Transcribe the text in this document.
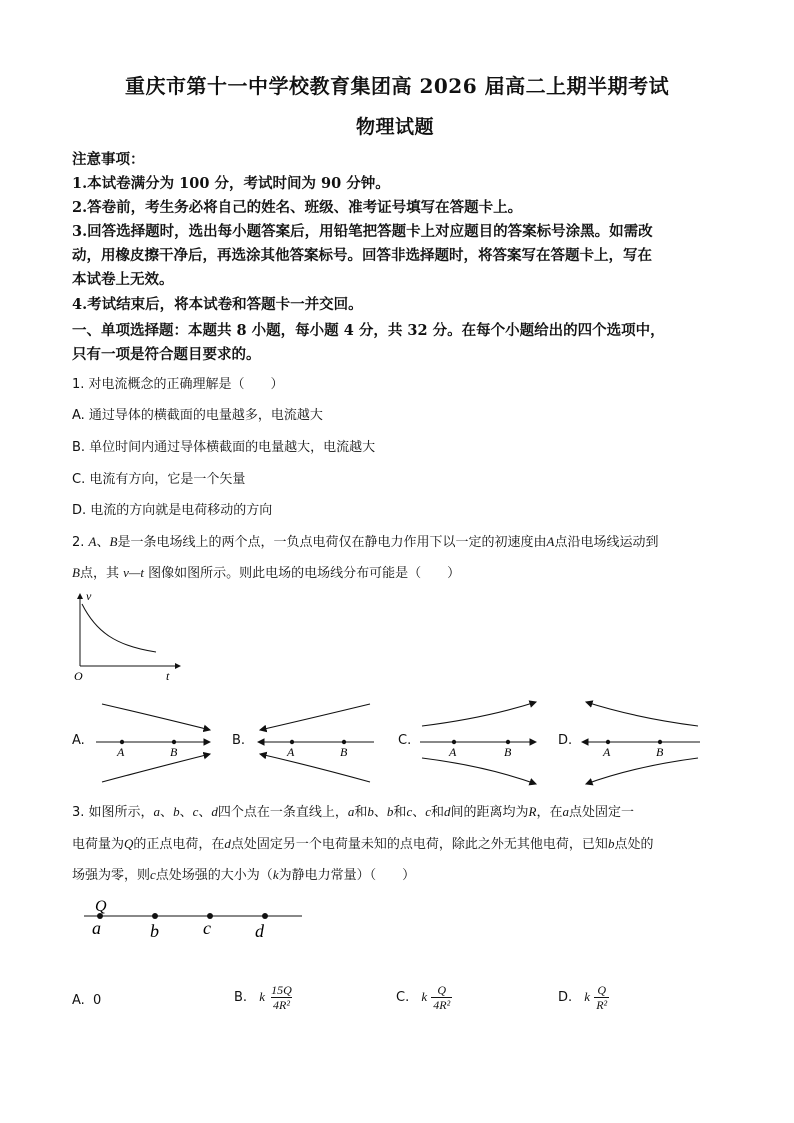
重庆市第十一中学校教育集团高 2026 届高二上期半期考试
物理试题
注意事项：
1.本试卷满分为 100 分，考试时间为 90 分钟。
2.答卷前，考生务必将自己的姓名、班级、准考证号填写在答题卡上。
3.回答选择题时，选出每小题答案后，用铅笔把答题卡上对应题目的答案标号涂黑。如需改
动，用橡皮擦干净后，再选涂其他答案标号。回答非选择题时，将答案写在答题卡上，写在
本试卷上无效。
4.考试结束后，将本试卷和答题卡一并交回。
一、单项选择题：本题共 8 小题，每小题 4 分，共 32 分。在每个小题给出的四个选项中，
只有一项是符合题目要求的。
1. 对电流概念的正确理解是（　　）
A. 通过导体的横截面的电量越多，电流越大
B. 单位时间内通过导体横截面的电量越大，电流越大
C. 电流有方向，它是一个矢量
D. 电流的方向就是电荷移动的方向
2. A、B是一条电场线上的两个点，一负点电荷仅在静电力作用下以一定的初速度由A点沿电场线运动到
B点，其 v—t 图像如图所示。则此电场的电场线分布可能是（　　）
v
t
O
A.
A	B
B.
A	B
C.
A	B
D.
A	B
3. 如图所示，a、b、c、d四个点在一条直线上，a和b、b和c、c和d间的距离均为R，在a点处固定一
电荷量为Q的正点电荷，在d点处固定另一个电荷量未知的点电荷，除此之外无其他电荷，已知b点处的
场强为零，则c点处场强的大小为（k为静电力常量）（　　）
Q
a	b c d
A. 0	B. k $\frac{15Q}{\text{4R²}}$	C. k $\frac{Q}{\text{4R²}}$	D. k $\frac{Q}{\text{R²}}$
